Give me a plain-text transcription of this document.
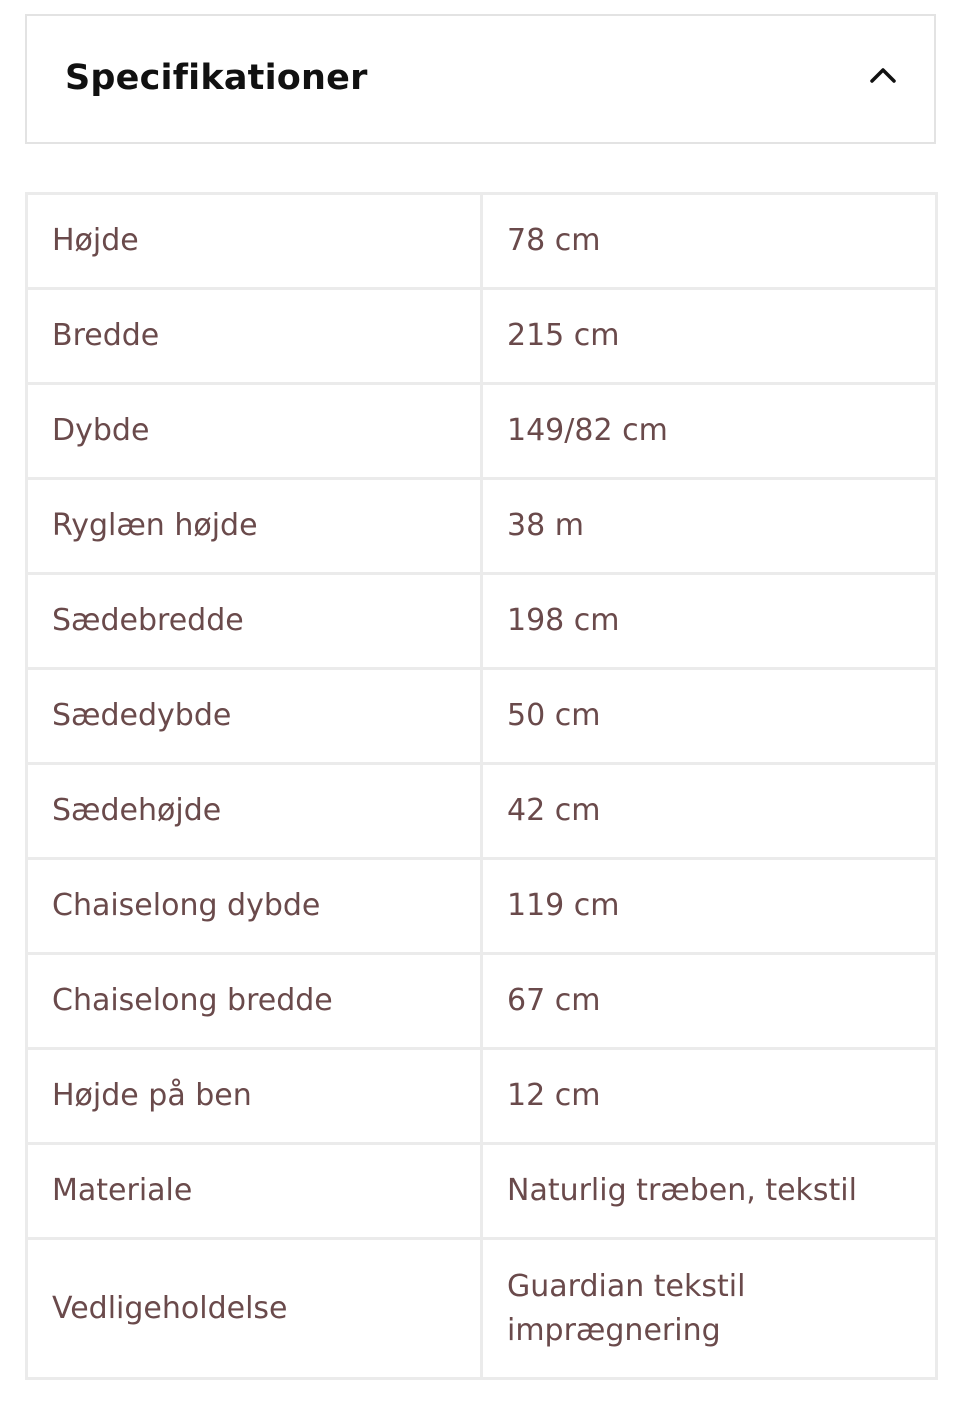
Specifikationer
Højde	78 cm
Bredde	215 cm
Dybde	149/82 cm
Ryglæn højde	38 m
Sædebredde	198 cm
Sædedybde	50 cm
Sædehøjde	42 cm
Chaiselong dybde	119 cm
Chaiselong bredde	67 cm
Højde på ben	12 cm
Materiale	Naturlig træben, tekstil
Vedligeholdelse	Guardian tekstil imprægnering
